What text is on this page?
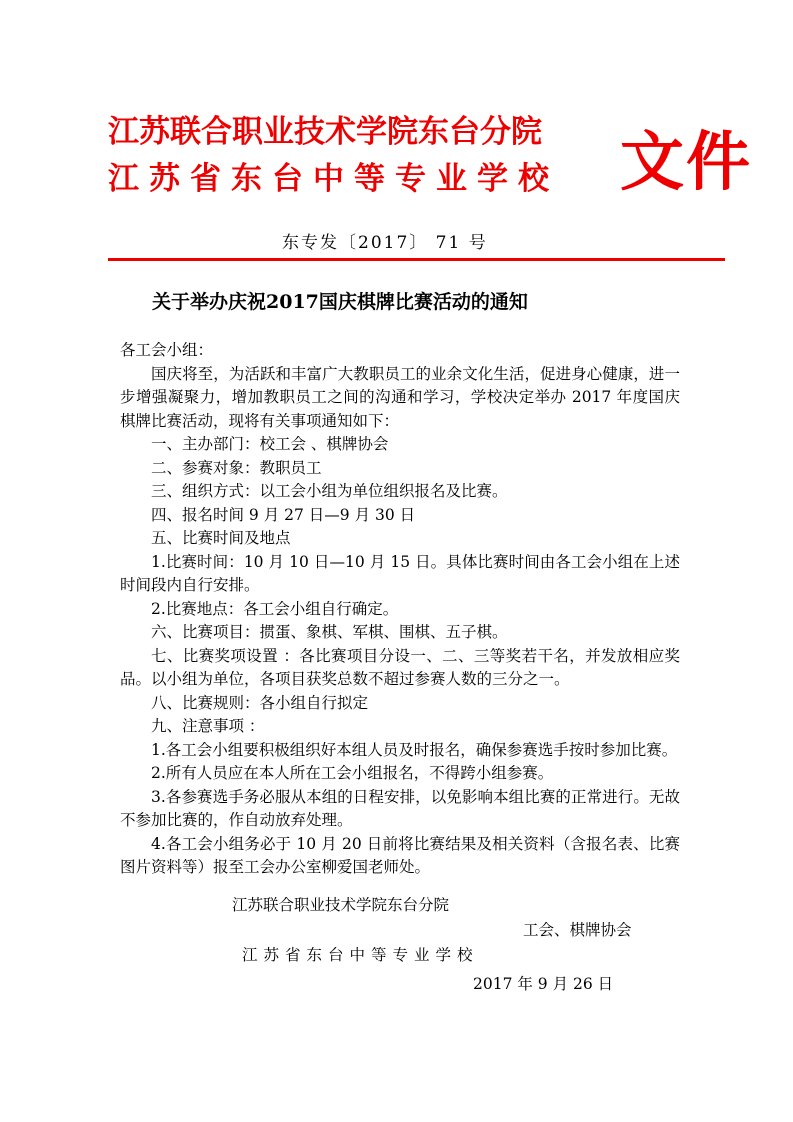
江苏联合职业技术学院东台分院
江苏省东台中等专业学校 文件
东专发〔2017〕 71 号
关于举办庆祝2017国庆棋牌比赛活动的通知

各工会小组：

国庆将至，为活跃和丰富广大教职员工的业余文化生活，促进身心健康，进一步增强凝聚力，增加教职员工之间的沟通和学习，学校决定举办 2017 年度国庆棋牌比赛活动，现将有关事项通知如下：

一、主办部门：校工会 、棋牌协会

二、参赛对象：教职员工

三、组织方式：以工会小组为单位组织报名及比赛。

四、报名时间 9 月 27 日—9 月 30 日

五、比赛时间及地点

1.比赛时间：10 月 10 日—10 月 15 日。具体比赛时间由各工会小组在上述时间段内自行安排。

2.比赛地点：各工会小组自行确定。

六、比赛项目：掼蛋、象棋、军棋、围棋、五子棋。

七、比赛奖项设置 ：各比赛项目分设一、二、三等奖若干名，并发放相应奖品。以小组为单位，各项目获奖总数不超过参赛人数的三分之一。

八、比赛规则：各小组自行拟定

九、注意事项 ：

1.各工会小组要积极组织好本组人员及时报名，确保参赛选手按时参加比赛。

2.所有人员应在本人所在工会小组报名，不得跨小组参赛。

3.各参赛选手务必服从本组的日程安排，以免影响本组比赛的正常进行。无故不参加比赛的，作自动放弃处理。

4.各工会小组务必于 10 月 20 日前将比赛结果及相关资料（含报名表、比赛图片资料等）报至工会办公室柳爱国老师处。

江苏联合职业技术学院东台分院
工会、棋牌协会
江苏省东台中等专业学校
2017 年 9 月 26 日
